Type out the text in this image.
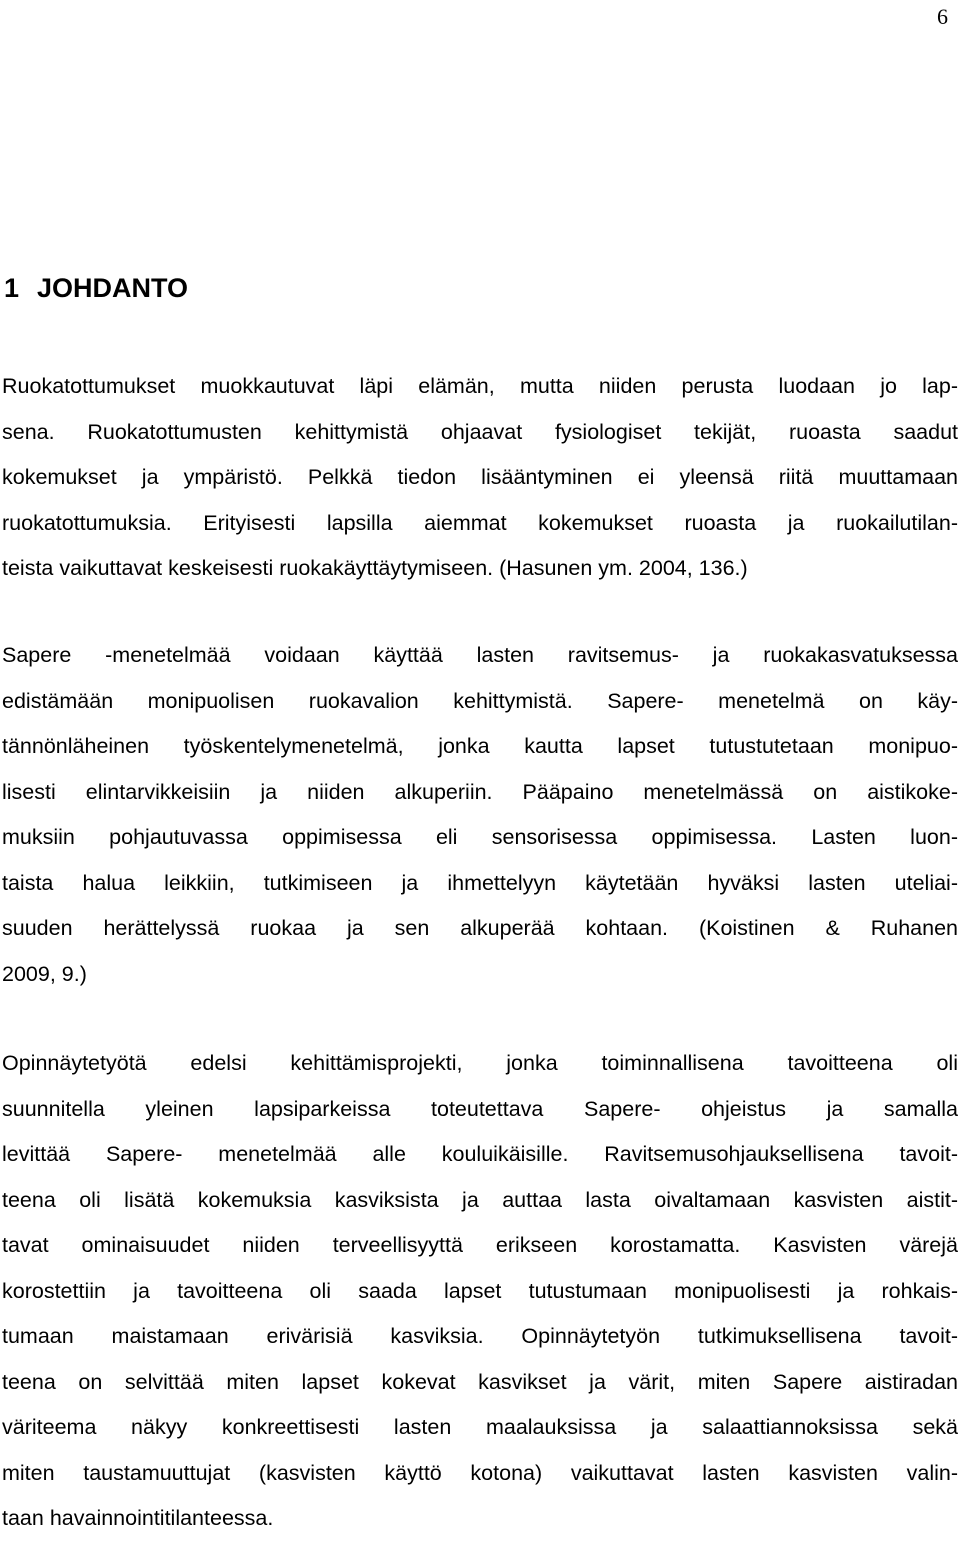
6
1 JOHDANTO
Ruokatottumukset muokkautuvat läpi elämän, mutta niiden perusta luodaan jo lap-
sena. Ruokatottumusten kehittymistä ohjaavat fysiologiset tekijät, ruoasta saadut
kokemukset ja ympäristö. Pelkkä tiedon lisääntyminen ei yleensä riitä muuttamaan
ruokatottumuksia. Erityisesti lapsilla aiemmat kokemukset ruoasta ja ruokailutilan-
teista vaikuttavat keskeisesti ruokakäyttäytymiseen. (Hasunen ym. 2004, 136.)
Sapere -menetelmää voidaan käyttää lasten ravitsemus- ja ruokakasvatuksessa
edistämään monipuolisen ruokavalion kehittymistä. Sapere- menetelmä on käy-
tännönläheinen työskentelymenetelmä, jonka kautta lapset tutustutetaan monipuo-
lisesti elintarvikkeisiin ja niiden alkuperiin. Pääpaino menetelmässä on aistikoke-
muksiin pohjautuvassa oppimisessa eli sensorisessa oppimisessa. Lasten luon-
taista halua leikkiin, tutkimiseen ja ihmettelyyn käytetään hyväksi lasten uteliai-
suuden herättelyssä ruokaa ja sen alkuperää kohtaan. (Koistinen & Ruhanen
2009, 9.)
Opinnäytetyötä edelsi kehittämisprojekti, jonka toiminnallisena tavoitteena oli
suunnitella yleinen lapsiparkeissa toteutettava Sapere- ohjeistus ja samalla
levittää Sapere- menetelmää alle kouluikäisille. Ravitsemusohjauksellisena tavoit-
teena oli lisätä kokemuksia kasviksista ja auttaa lasta oivaltamaan kasvisten aistit-
tavat ominaisuudet niiden terveellisyyttä erikseen korostamatta. Kasvisten värejä
korostettiin ja tavoitteena oli saada lapset tutustumaan monipuolisesti ja rohkais-
tumaan maistamaan erivärisiä kasviksia. Opinnäytetyön tutkimuksellisena tavoit-
teena on selvittää miten lapset kokevat kasvikset ja värit, miten Sapere aistiradan
väriteema näkyy konkreettisesti lasten maalauksissa ja salaattiannoksissa sekä
miten taustamuuttujat (kasvisten käyttö kotona) vaikuttavat lasten kasvisten valin-
taan havainnointitilanteessa.
